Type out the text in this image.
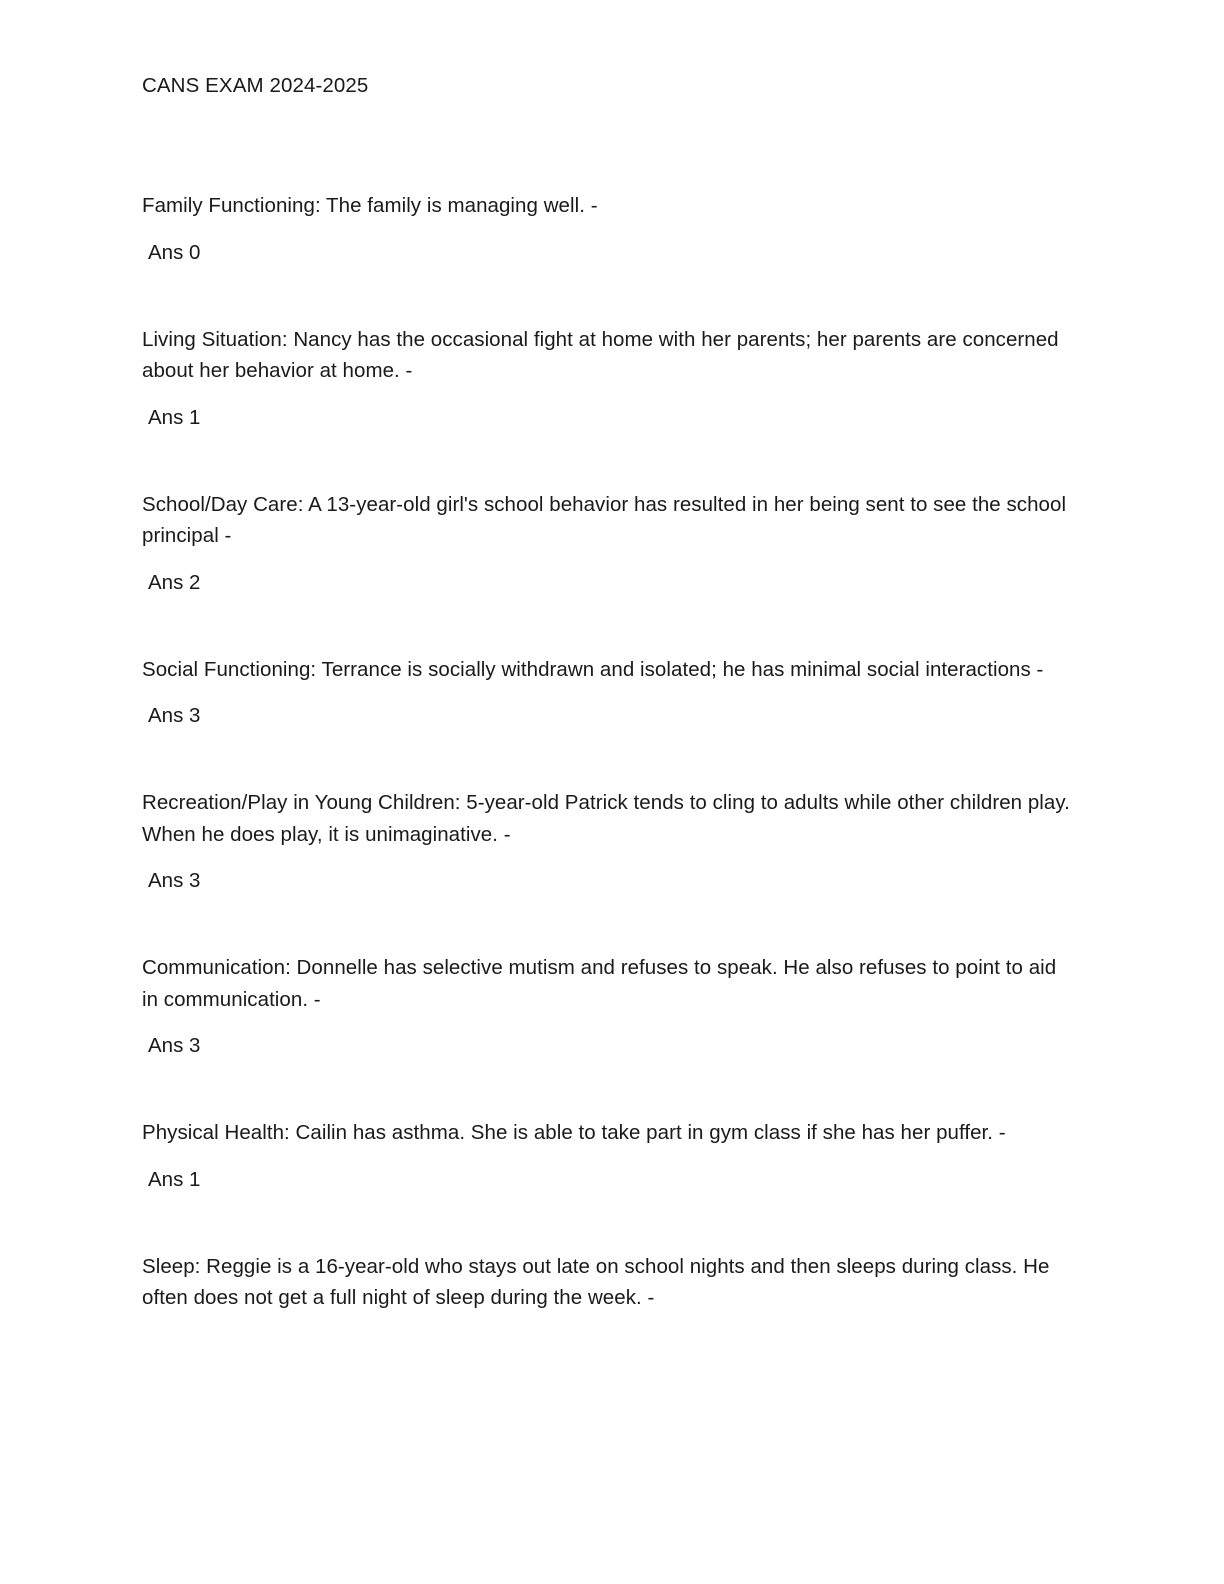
CANS EXAM 2024-2025

Family Functioning: The family is managing well. -

Ans 0

Living Situation: Nancy has the occasional fight at home with her parents; her parents are concerned about her behavior at home. -

Ans 1

School/Day Care: A 13-year-old girl's school behavior has resulted in her being sent to see the school principal -

Ans 2

Social Functioning: Terrance is socially withdrawn and isolated; he has minimal social interactions -

Ans 3

Recreation/Play in Young Children: 5-year-old Patrick tends to cling to adults while other children play. When he does play, it is unimaginative. -

Ans 3

Communication: Donnelle has selective mutism and refuses to speak. He also refuses to point to aid in communication. -

Ans 3

Physical Health: Cailin has asthma. She is able to take part in gym class if she has her puffer. -

Ans 1

Sleep: Reggie is a 16-year-old who stays out late on school nights and then sleeps during class. He often does not get a full night of sleep during the week. -
